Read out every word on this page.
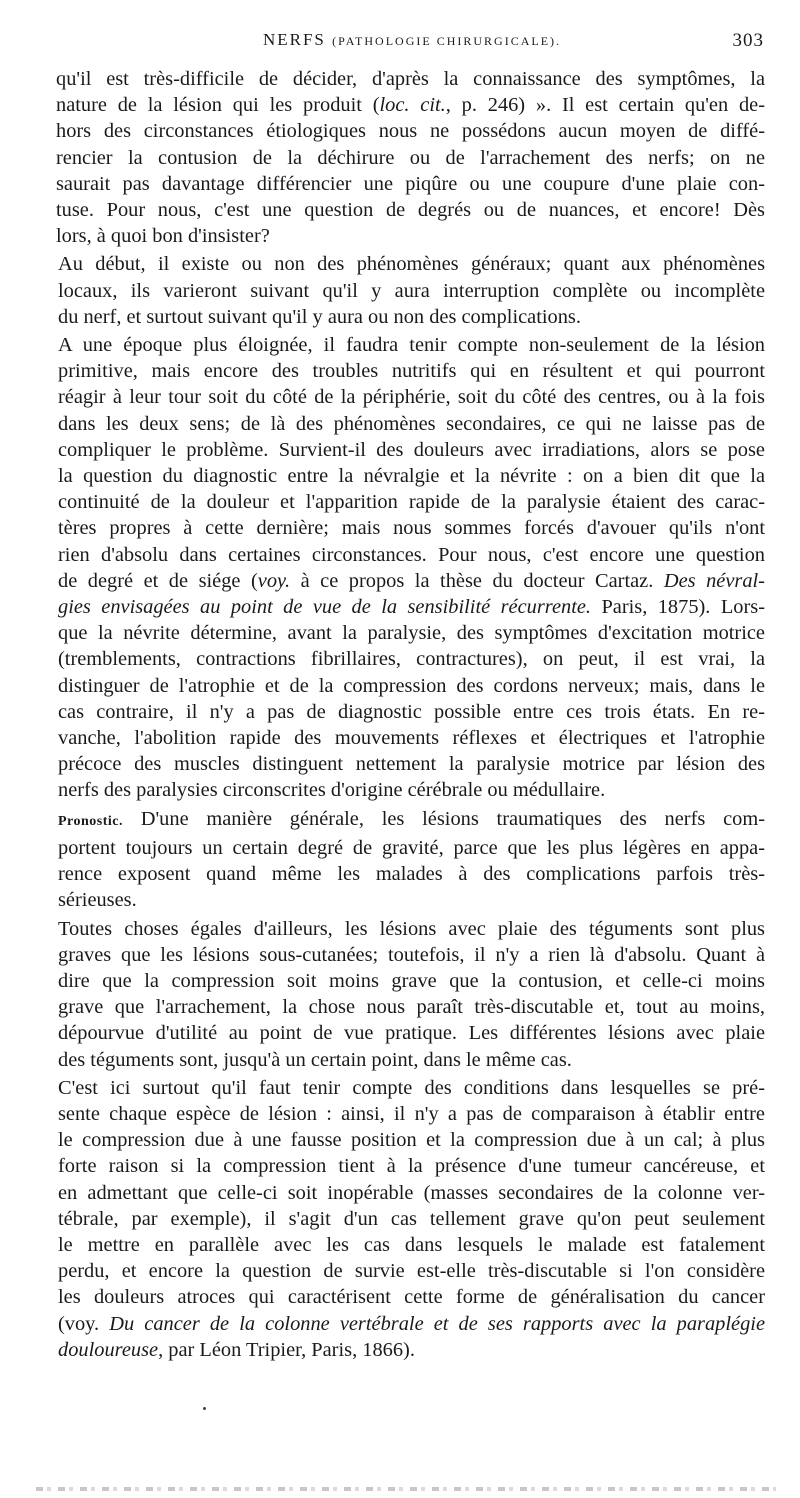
NERFS (PATHOLOGIE CHIRURGICALE).	303

qu'il est très-difficile de décider, d'après la connaissance des symptômes, la
nature de la lésion qui les produit (loc. cit., p. 246) ». Il est certain qu'en de-
hors des circonstances étiologiques nous ne possédons aucun moyen de diffé-
rencier la contusion de la déchirure ou de l'arrachement des nerfs; on ne
saurait pas davantage différencier une piqûre ou une coupure d'une plaie con-
tuse. Pour nous, c'est une question de degrés ou de nuances, et encore! Dès
lors, à quoi bon d'insister?

Au début, il existe ou non des phénomènes généraux; quant aux phénomènes
locaux, ils varieront suivant qu'il y aura interruption complète ou incomplète
du nerf, et surtout suivant qu'il y aura ou non des complications.

A une époque plus éloignée, il faudra tenir compte non-seulement de la lésion
primitive, mais encore des troubles nutritifs qui en résultent et qui pourront
réagir à leur tour soit du côté de la périphérie, soit du côté des centres, ou à la fois
dans les deux sens; de là des phénomènes secondaires, ce qui ne laisse pas de
compliquer le problème. Survient-il des douleurs avec irradiations, alors se pose
la question du diagnostic entre la névralgie et la névrite : on a bien dit que la
continuité de la douleur et l'apparition rapide de la paralysie étaient des carac-
tères propres à cette dernière; mais nous sommes forcés d'avouer qu'ils n'ont
rien d'absolu dans certaines circonstances. Pour nous, c'est encore une question
de degré et de siége (voy. à ce propos la thèse du docteur Cartaz. Des névral-
gies envisagées au point de vue de la sensibilité récurrente. Paris, 1875). Lors-
que la névrite détermine, avant la paralysie, des symptômes d'excitation motrice
(tremblements, contractions fibrillaires, contractures), on peut, il est vrai, la
distinguer de l'atrophie et de la compression des cordons nerveux; mais, dans le
cas contraire, il n'y a pas de diagnostic possible entre ces trois états. En re-
vanche, l'abolition rapide des mouvements réflexes et électriques et l'atrophie
précoce des muscles distinguent nettement la paralysie motrice par lésion des
nerfs des paralysies circonscrites d'origine cérébrale ou médullaire.

Pronostic. D'une manière générale, les lésions traumatiques des nerfs com-
portent toujours un certain degré de gravité, parce que les plus légères en appa-
rence exposent quand même les malades à des complications parfois très-
sérieuses.

Toutes choses égales d'ailleurs, les lésions avec plaie des téguments sont plus
graves que les lésions sous-cutanées; toutefois, il n'y a rien là d'absolu. Quant à
dire que la compression soit moins grave que la contusion, et celle-ci moins
grave que l'arrachement, la chose nous paraît très-discutable et, tout au moins,
dépourvue d'utilité au point de vue pratique. Les différentes lésions avec plaie
des téguments sont, jusqu'à un certain point, dans le même cas.

C'est ici surtout qu'il faut tenir compte des conditions dans lesquelles se pré-
sente chaque espèce de lésion : ainsi, il n'y a pas de comparaison à établir entre
le compression due à une fausse position et la compression due à un cal; à plus
forte raison si la compression tient à la présence d'une tumeur cancéreuse, et
en admettant que celle-ci soit inopérable (masses secondaires de la colonne ver-
tébrale, par exemple), il s'agit d'un cas tellement grave qu'on peut seulement
le mettre en parallèle avec les cas dans lesquels le malade est fatalement
perdu, et encore la question de survie est-elle très-discutable si l'on considère
les douleurs atroces qui caractérisent cette forme de généralisation du cancer
(voy. Du cancer de la colonne vertébrale et de ses rapports avec la paraplégie
douloureuse, par Léon Tripier, Paris, 1866).
